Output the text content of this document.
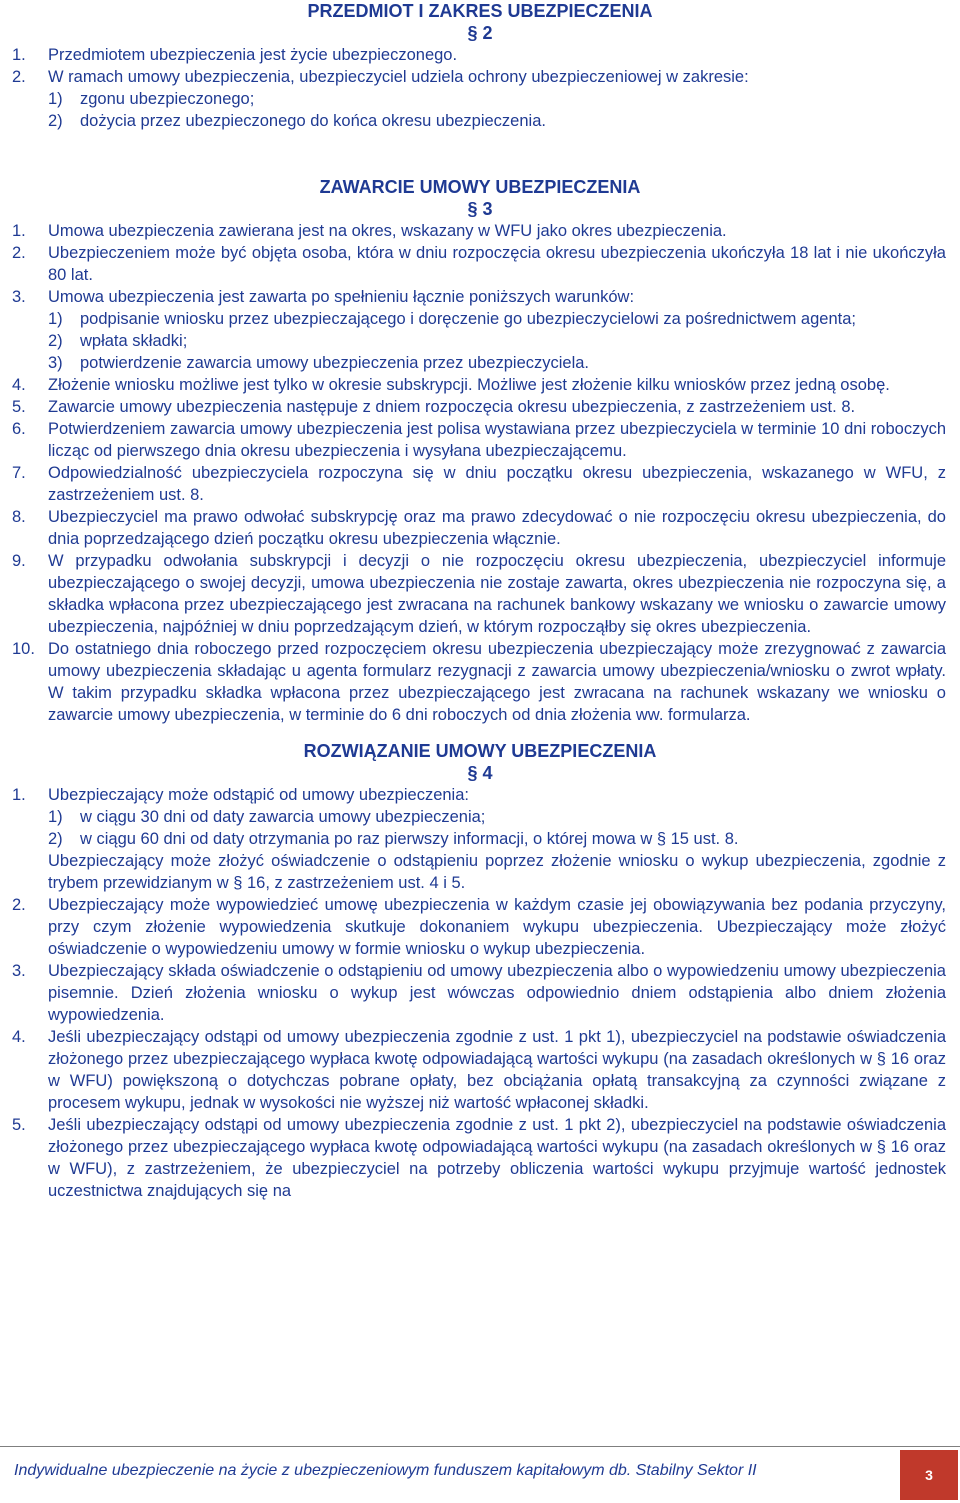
PRZEDMIOT I ZAKRES UBEZPIECZENIA
§ 2
1. Przedmiotem ubezpieczenia jest życie ubezpieczonego.
2. W ramach umowy ubezpieczenia, ubezpieczyciel udziela ochrony ubezpieczeniowej w zakresie:
1) zgonu ubezpieczonego;
2) dożycia przez ubezpieczonego do końca okresu ubezpieczenia.
ZAWARCIE UMOWY UBEZPIECZENIA
§ 3
1. Umowa ubezpieczenia zawierana jest na okres, wskazany w WFU jako okres ubezpieczenia.
2. Ubezpieczeniem może być objęta osoba, która w dniu rozpoczęcia okresu ubezpieczenia ukończyła 18 lat i nie ukończyła 80 lat.
3. Umowa ubezpieczenia jest zawarta po spełnieniu łącznie poniższych warunków:
1) podpisanie wniosku przez ubezpieczającego i doręczenie go ubezpieczycielowi za pośrednictwem agenta;
2) wpłata składki;
3) potwierdzenie zawarcia umowy ubezpieczenia przez ubezpieczyciela.
4. Złożenie wniosku możliwe jest tylko w okresie subskrypcji. Możliwe jest złożenie kilku wniosków przez jedną osobę.
5. Zawarcie umowy ubezpieczenia następuje z dniem rozpoczęcia okresu ubezpieczenia, z zastrzeżeniem ust. 8.
6. Potwierdzeniem zawarcia umowy ubezpieczenia jest polisa wystawiana przez ubezpieczyciela w terminie 10 dni roboczych licząc od pierwszego dnia okresu ubezpieczenia i wysyłana ubezpieczającemu.
7. Odpowiedzialność ubezpieczyciela rozpoczyna się w dniu początku okresu ubezpieczenia, wskazanego w WFU, z zastrzeżeniem ust. 8.
8. Ubezpieczyciel ma prawo odwołać subskrypcję oraz ma prawo zdecydować o nie rozpoczęciu okresu ubezpieczenia, do dnia poprzedzającego dzień początku okresu ubezpieczenia włącznie.
9. W przypadku odwołania subskrypcji i decyzji o nie rozpoczęciu okresu ubezpieczenia, ubezpieczyciel informuje ubezpieczającego o swojej decyzji, umowa ubezpieczenia nie zostaje zawarta, okres ubezpieczenia nie rozpoczyna się, a składka wpłacona przez ubezpieczającego jest zwracana na rachunek bankowy wskazany we wniosku o zawarcie umowy ubezpieczenia, najpóźniej w dniu poprzedzającym dzień, w którym rozpocząłby się okres ubezpieczenia.
10. Do ostatniego dnia roboczego przed rozpoczęciem okresu ubezpieczenia ubezpieczający może zrezygnować z zawarcia umowy ubezpieczenia składając u agenta formularz rezygnacji z zawarcia umowy ubezpieczenia/wniosku o zwrot wpłaty. W takim przypadku składka wpłacona przez ubezpieczającego jest zwracana na rachunek wskazany we wniosku o zawarcie umowy ubezpieczenia, w terminie do 6 dni roboczych od dnia złożenia ww. formularza.
ROZWIĄZANIE UMOWY UBEZPIECZENIA
§ 4
1. Ubezpieczający może odstąpić od umowy ubezpieczenia:
1) w ciągu 30 dni od daty zawarcia umowy ubezpieczenia;
2) w ciągu 60 dni od daty otrzymania po raz pierwszy informacji, o której mowa w § 15 ust. 8.
Ubezpieczający może złożyć oświadczenie o odstąpieniu poprzez złożenie wniosku o wykup ubezpieczenia, zgodnie z trybem przewidzianym w § 16, z zastrzeżeniem ust. 4 i 5.
2. Ubezpieczający może wypowiedzieć umowę ubezpieczenia w każdym czasie jej obowiązywania bez podania przyczyny, przy czym złożenie wypowiedzenia skutkuje dokonaniem wykupu ubezpieczenia. Ubezpieczający może złożyć oświadczenie o wypowiedzeniu umowy w formie wniosku o wykup ubezpieczenia.
3. Ubezpieczający składa oświadczenie o odstąpieniu od umowy ubezpieczenia albo o wypowiedzeniu umowy ubezpieczenia pisemnie. Dzień złożenia wniosku o wykup jest wówczas odpowiednio dniem odstąpienia albo dniem złożenia wypowiedzenia.
4. Jeśli ubezpieczający odstąpi od umowy ubezpieczenia zgodnie z ust. 1 pkt 1), ubezpieczyciel na podstawie oświadczenia złożonego przez ubezpieczającego wypłaca kwotę odpowiadającą wartości wykupu (na zasadach określonych w § 16 oraz w WFU) powiększoną o dotychczas pobrane opłaty, bez obciążania opłatą transakcyjną za czynności związane z procesem wykupu, jednak w wysokości nie wyższej niż wartość wpłaconej składki.
5. Jeśli ubezpieczający odstąpi od umowy ubezpieczenia zgodnie z ust. 1 pkt 2), ubezpieczyciel na podstawie oświadczenia złożonego przez ubezpieczającego wypłaca kwotę odpowiadającą wartości wykupu (na zasadach określonych w § 16 oraz w WFU), z zastrzeżeniem, że ubezpieczyciel na potrzeby obliczenia wartości wykupu przyjmuje wartość jednostek uczestnictwa znajdujących się na
Indywidualne ubezpieczenie na życie z ubezpieczeniowym funduszem kapitałowym db. Stabilny Sektor II	3
